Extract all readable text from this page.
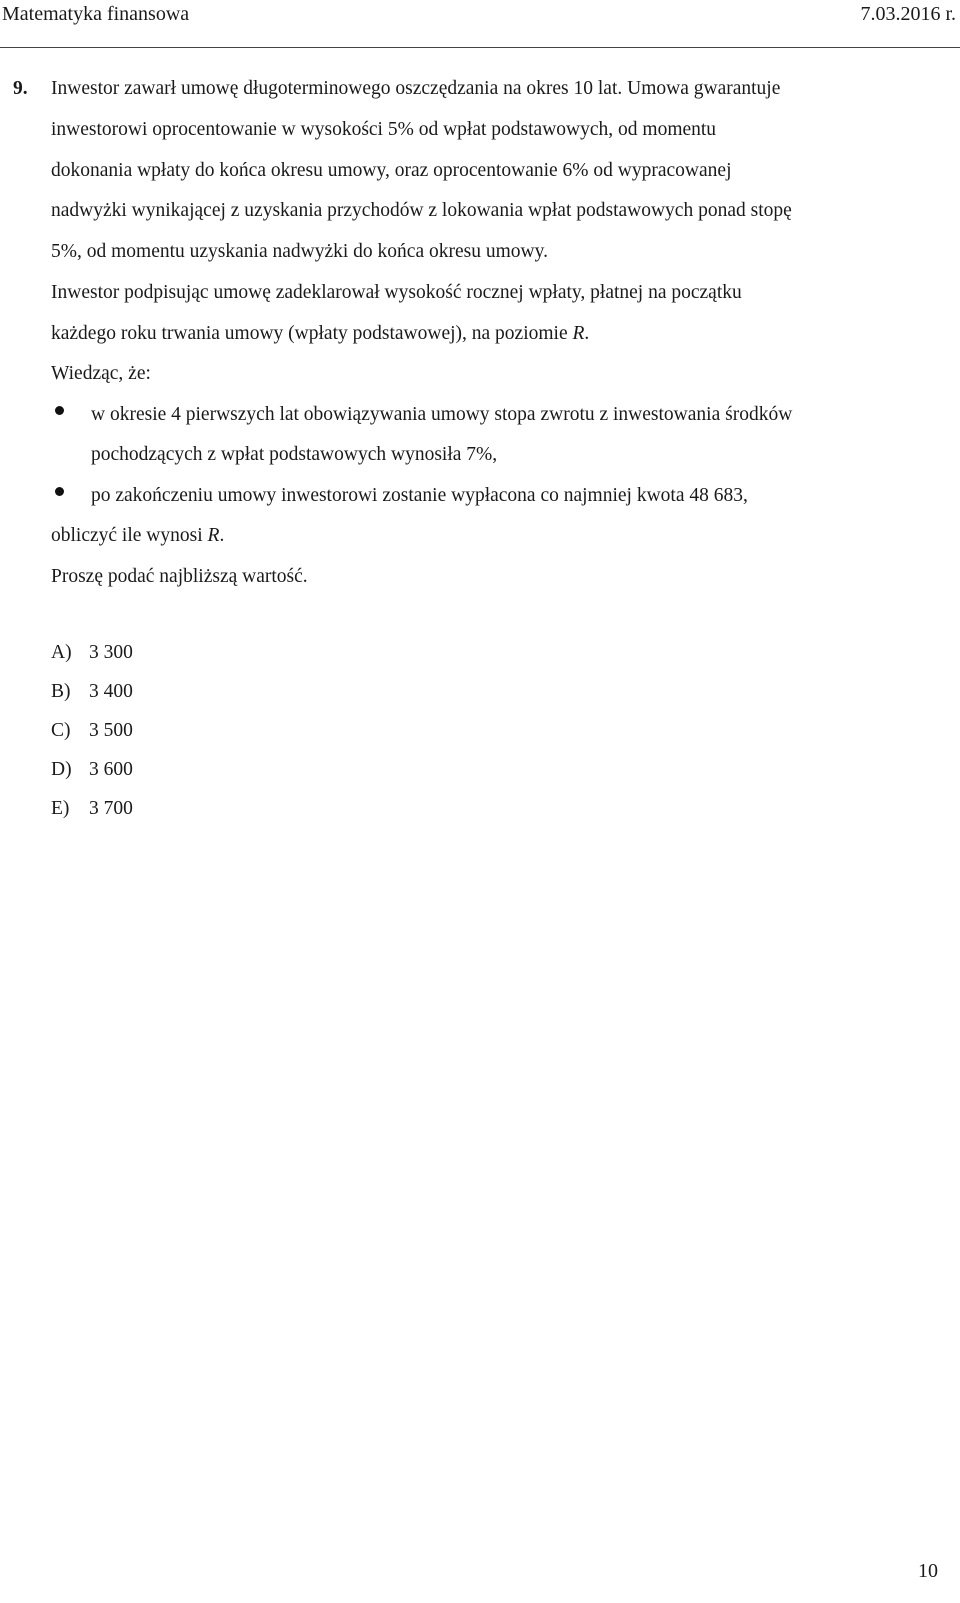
Matematyka finansowa	7.03.2016 r.
9. Inwestor zawarł umowę długoterminowego oszczędzania na okres 10 lat. Umowa gwarantuje
inwestorowi oprocentowanie w wysokości 5% od wpłat podstawowych, od momentu
dokonania wpłaty do końca okresu umowy, oraz oprocentowanie 6% od wypracowanej
nadwyżki wynikającej z uzyskania przychodów z lokowania wpłat podstawowych ponad stopę
5%, od momentu uzyskania nadwyżki do końca okresu umowy.
Inwestor podpisując umowę zadeklarował wysokość rocznej wpłaty, płatnej na początku
każdego roku trwania umowy (wpłaty podstawowej), na poziomie R.
Wiedząc, że:
w okresie 4 pierwszych lat obowiązywania umowy stopa zwrotu z inwestowania środków
pochodzących z wpłat podstawowych wynosiła 7%,
po zakończeniu umowy inwestorowi zostanie wypłacona co najmniej kwota 48 683,
obliczyć ile wynosi R.
Proszę podać najbliższą wartość.
A) 3 300
B) 3 400
C) 3 500
D) 3 600
E) 3 700
10
